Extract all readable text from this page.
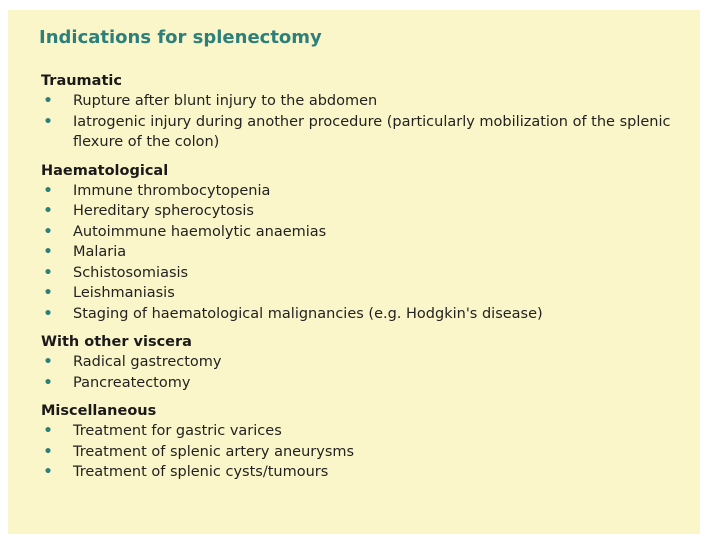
Indications for splenectomy
Traumatic
• Rupture after blunt injury to the abdomen
• Iatrogenic injury during another procedure (particularly mobilization of the splenic flexure of the colon)
Haematological
• Immune thrombocytopenia
• Hereditary spherocytosis
• Autoimmune haemolytic anaemias
• Malaria
• Schistosomiasis
• Leishmaniasis
• Staging of haematological malignancies (e.g. Hodgkin's disease)
With other viscera
• Radical gastrectomy
• Pancreatectomy
Miscellaneous
• Treatment for gastric varices
• Treatment of splenic artery aneurysms
• Treatment of splenic cysts/tumours
